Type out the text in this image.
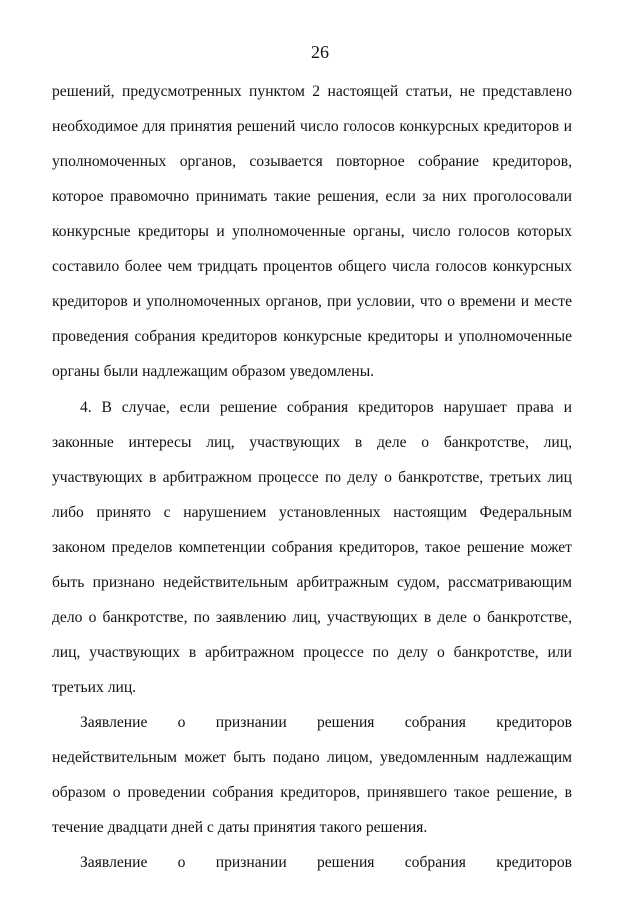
26
решений, предусмотренных пунктом 2 настоящей статьи, не представлено
необходимое для принятия решений число голосов конкурсных кредиторов и
уполномоченных органов, созывается повторное собрание кредиторов,
которое правомочно принимать такие решения, если за них проголосовали
конкурсные кредиторы и уполномоченные органы, число голосов которых
составило более чем тридцать процентов общего числа голосов конкурсных
кредиторов и уполномоченных органов, при условии, что о времени и месте
проведения собрания кредиторов конкурсные кредиторы и уполномоченные
органы были надлежащим образом уведомлены.
4. В случае, если решение собрания кредиторов нарушает права и
законные интересы лиц, участвующих в деле о банкротстве, лиц,
участвующих в арбитражном процессе по делу о банкротстве, третьих лиц
либо принято с нарушением установленных настоящим Федеральным
законом пределов компетенции собрания кредиторов, такое решение может
быть признано недействительным арбитражным судом, рассматривающим
дело о банкротстве, по заявлению лиц, участвующих в деле о банкротстве,
лиц, участвующих в арбитражном процессе по делу о банкротстве, или
третьих лиц.
Заявление о признании решения собрания кредиторов
недействительным может быть подано лицом, уведомленным надлежащим
образом о проведении собрания кредиторов, принявшего такое решение, в
течение двадцати дней с даты принятия такого решения.
Заявление о признании решения собрания кредиторов
